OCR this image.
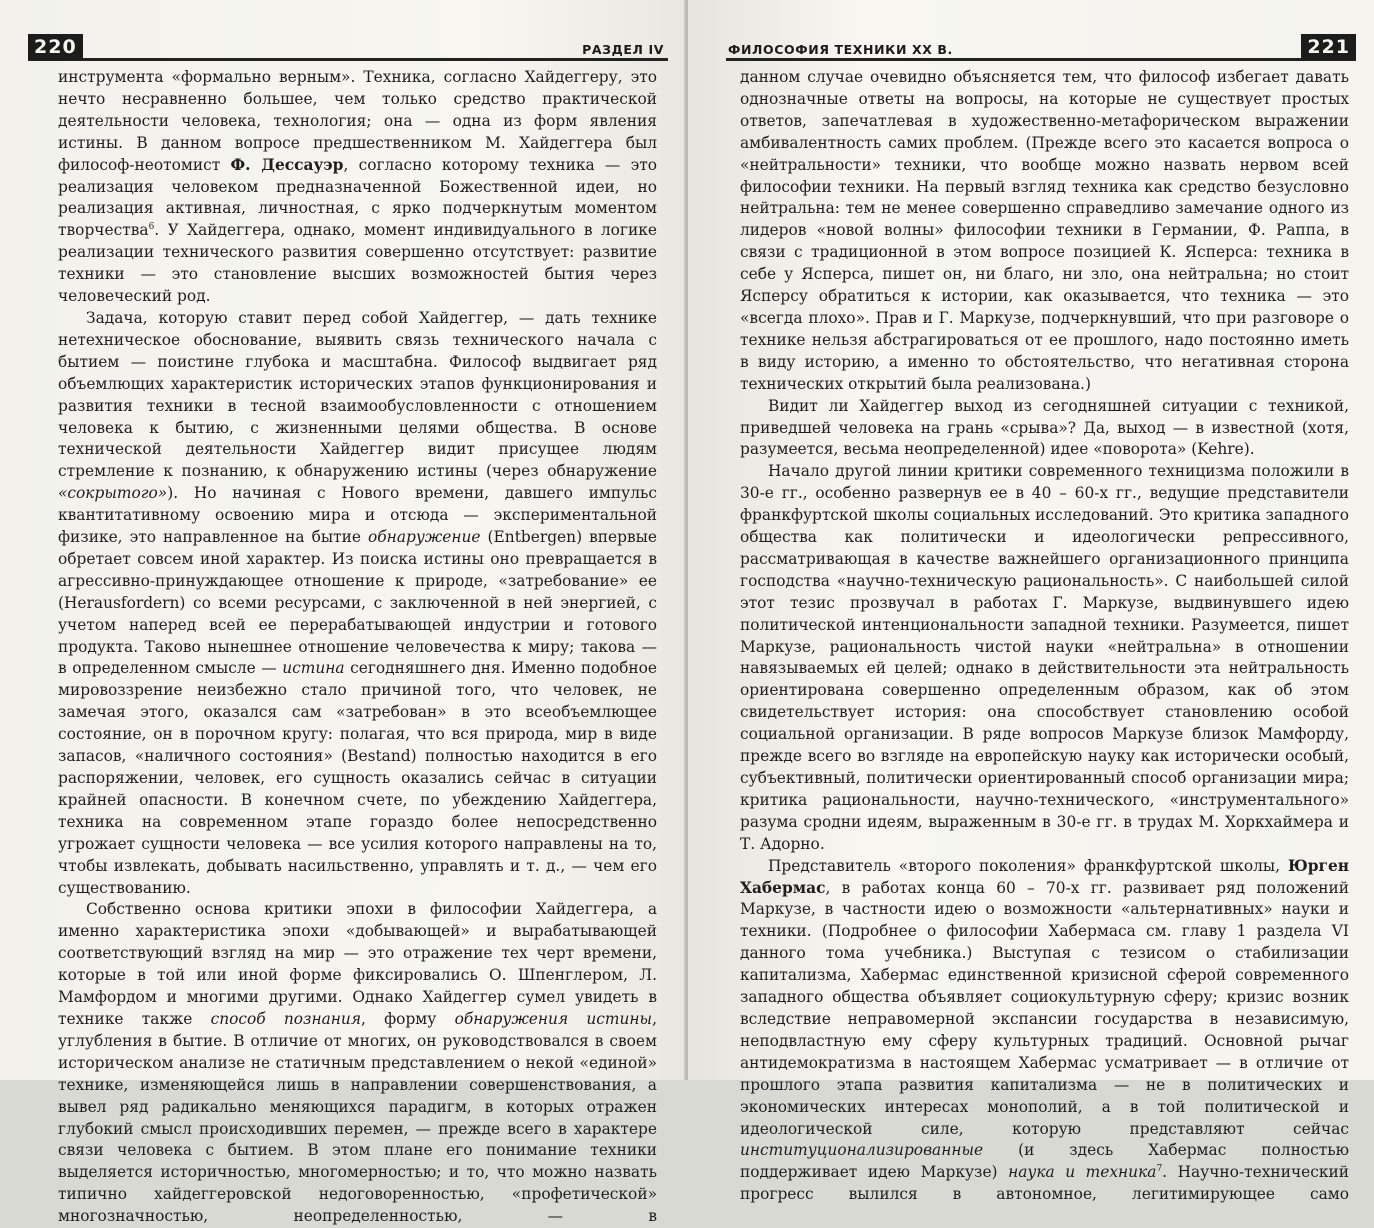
220	РАЗДЕЛ IV

инструмента «формально верным». Техника, согласно Хайдеггеру, это нечто несравненно большее, чем только средство практической деятельности человека, технология; она — одна из форм явления истины. В данном вопросе предшественником М. Хайдеггера был философ-неотомист Ф. Дессауэр, согласно которому техника — это реализация человеком предназначенной Божественной идеи, но реализация активная, личностная, с ярко подчеркнутым моментом творчества$^6$. У Хайдеггера, однако, момент индивидуального в логике реализации технического развития совершенно отсутствует: развитие техники — это становление высших возможностей бытия через человеческий род.

Задача, которую ставит перед собой Хайдеггер, — дать технике нетехническое обоснование, выявить связь технического начала с бытием — поистине глубока и масштабна. Философ выдвигает ряд объемлющих характеристик исторических этапов функционирования и развития техники в тесной взаимообусловленности с отношением человека к бытию, с жизненными целями общества. В основе технической деятельности Хайдеггер видит присущее людям стремление к познанию, к обнаружению истины (через обнаружение «сокрытого»). Но начиная с Нового времени, давшего импульс квантитативному освоению мира и отсюда — экспериментальной физике, это направленное на бытие обнаружение (Entbergen) впервые обретает совсем иной характер. Из поиска истины оно превращается в агрессивно-принуждающее отношение к природе, «затребование» ее (Herausfordern) со всеми ресурсами, с заключенной в ней энергией, с учетом наперед всей ее перерабатывающей индустрии и готового продукта. Таково нынешнее отношение человечества к миру; такова — в определенном смысле — истина сегодняшнего дня. Именно подобное мировоззрение неизбежно стало причиной того, что человек, не замечая этого, оказался сам «затребован» в это всеобъемлющее состояние, он в порочном кругу: полагая, что вся природа, мир в виде запасов, «наличного состояния» (Bestand) полностью находится в его распоряжении, человек, его сущность оказались сейчас в ситуации крайней опасности. В конечном счете, по убеждению Хайдеггера, техника на современном этапе гораздо более непосредственно угрожает сущности человека — все усилия которого направлены на то, чтобы извлекать, добывать насильственно, управлять и т. д., — чем его существованию.

Собственно основа критики эпохи в философии Хайдеггера, а именно характеристика эпохи «добывающей» и вырабатывающей соответствующий взгляд на мир — это отражение тех черт времени, которые в той или иной форме фиксировались О. Шпенглером, Л. Мамфордом и многими другими. Однако Хайдеггер сумел увидеть в технике также способ познания, форму обнаружения истины, углубления в бытие. В отличие от многих, он руководствовался в своем историческом анализе не статичным представлением о некой «единой» технике, изменяющейся лишь в направлении совершенствования, а вывел ряд радикально меняющихся парадигм, в которых отражен глубокий смысл происходивших перемен, — прежде всего в характере связи человека с бытием. В этом плане его понимание техники выделяется историчностью, многомерностью; и то, что можно назвать типично хайдеггеровской недоговоренностью, «профетической» многозначностью, неопределенностью, — в

ФИЛОСОФИЯ ТЕХНИКИ XX В.	221

данном случае очевидно объясняется тем, что философ избегает давать однозначные ответы на вопросы, на которые не существует простых ответов, запечатлевая в художественно-метафорическом выражении амбивалентность самих проблем. (Прежде всего это касается вопроса о «нейтральности» техники, что вообще можно назвать нервом всей философии техники. На первый взгляд техника как средство безусловно нейтральна: тем не менее совершенно справедливо замечание одного из лидеров «новой волны» философии техники в Германии, Ф. Раппа, в связи с традиционной в этом вопросе позицией К. Ясперса: техника в себе у Ясперса, пишет он, ни благо, ни зло, она нейтральна; но стоит Ясперсу обратиться к истории, как оказывается, что техника — это «всегда плохо». Прав и Г. Маркузе, подчеркнувший, что при разговоре о технике нельзя абстрагироваться от ее прошлого, надо постоянно иметь в виду историю, а именно то обстоятельство, что негативная сторона технических открытий была реализована.)

Видит ли Хайдеггер выход из сегодняшней ситуации с техникой, приведшей человека на грань «срыва»? Да, выход — в известной (хотя, разумеется, весьма неопределенной) идее «поворота» (Kehre).

Начало другой линии критики современного техницизма положили в 30-е гг., особенно развернув ее в 40 – 60-х гг., ведущие представители франкфуртской школы социальных исследований. Это критика западного общества как политически и идеологически репрессивного, рассматривающая в качестве важнейшего организационного принципа господства «научно-техническую рациональность». С наибольшей силой этот тезис прозвучал в работах Г. Маркузе, выдвинувшего идею политической интенциональности западной техники. Разумеется, пишет Маркузе, рациональность чистой науки «нейтральна» в отношении навязываемых ей целей; однако в действительности эта нейтральность ориентирована совершенно определенным образом, как об этом свидетельствует история: она способствует становлению особой социальной организации. В ряде вопросов Маркузе близок Мамфорду, прежде всего во взгляде на европейскую науку как исторически особый, субъективный, политически ориентированный способ организации мира; критика рациональности, научно-технического, «инструментального» разума сродни идеям, выраженным в 30-е гг. в трудах М. Хоркхаймера и Т. Адорно.

Представитель «второго поколения» франкфуртской школы, Юрген Хабермас, в работах конца 60 – 70-х гг. развивает ряд положений Маркузе, в частности идею о возможности «альтернативных» науки и техники. (Подробнее о философии Хабермаса см. главу 1 раздела VI данного тома учебника.) Выступая с тезисом о стабилизации капитализма, Хабермас единственной кризисной сферой современного западного общества объявляет социокультурную сферу; кризис возник вследствие неправомерной экспансии государства в независимую, неподвластную ему сферу культурных традиций. Основной рычаг антидемократизма в настоящем Хабермас усматривает — в отличие от прошлого этапа развития капитализма — не в политических и экономических интересах монополий, а в той политической и идеологической силе, которую представляют сейчас институционализированные (и здесь Хабермас полностью поддерживает идею Маркузе) наука и техника$^7$. Научно-технический прогресс вылился в автономное, легитимирующее само
